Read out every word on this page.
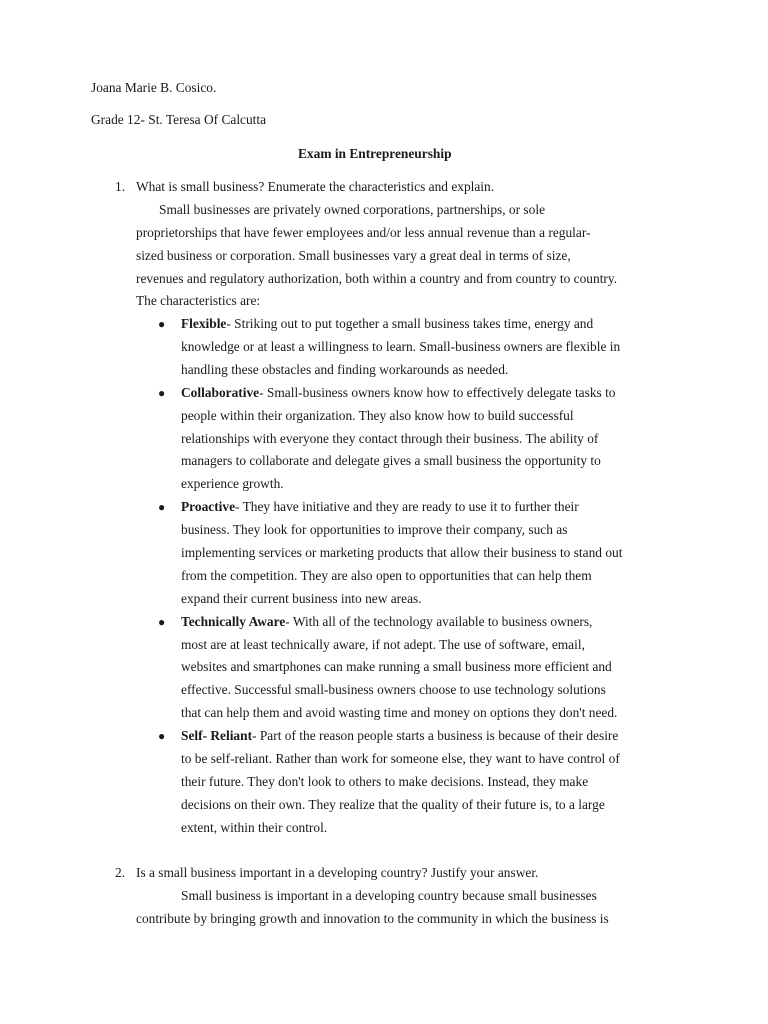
Joana Marie B. Cosico.
Grade 12- St. Teresa Of Calcutta
Exam in Entrepreneurship
1. What is small business? Enumerate the characteristics and explain.
Small businesses are privately owned corporations, partnerships, or sole
proprietorships that have fewer employees and/or less annual revenue than a regular-
sized business or corporation. Small businesses vary a great deal in terms of size,
revenues and regulatory authorization, both within a country and from country to country.
The characteristics are:
● Flexible- Striking out to put together a small business takes time, energy and
knowledge or at least a willingness to learn. Small-business owners are flexible in
handling these obstacles and finding workarounds as needed.
● Collaborative- Small-business owners know how to effectively delegate tasks to
people within their organization. They also know how to build successful
relationships with everyone they contact through their business. The ability of
managers to collaborate and delegate gives a small business the opportunity to
experience growth.
● Proactive- They have initiative and they are ready to use it to further their
business. They look for opportunities to improve their company, such as
implementing services or marketing products that allow their business to stand out
from the competition. They are also open to opportunities that can help them
expand their current business into new areas.
● Technically Aware- With all of the technology available to business owners,
most are at least technically aware, if not adept. The use of software, email,
websites and smartphones can make running a small business more efficient and
effective. Successful small-business owners choose to use technology solutions
that can help them and avoid wasting time and money on options they don't need.
● Self- Reliant- Part of the reason people starts a business is because of their desire
to be self-reliant. Rather than work for someone else, they want to have control of
their future. They don't look to others to make decisions. Instead, they make
decisions on their own. They realize that the quality of their future is, to a large
extent, within their control.
2. Is a small business important in a developing country? Justify your answer.
Small business is important in a developing country because small businesses
contribute by bringing growth and innovation to the community in which the business is
